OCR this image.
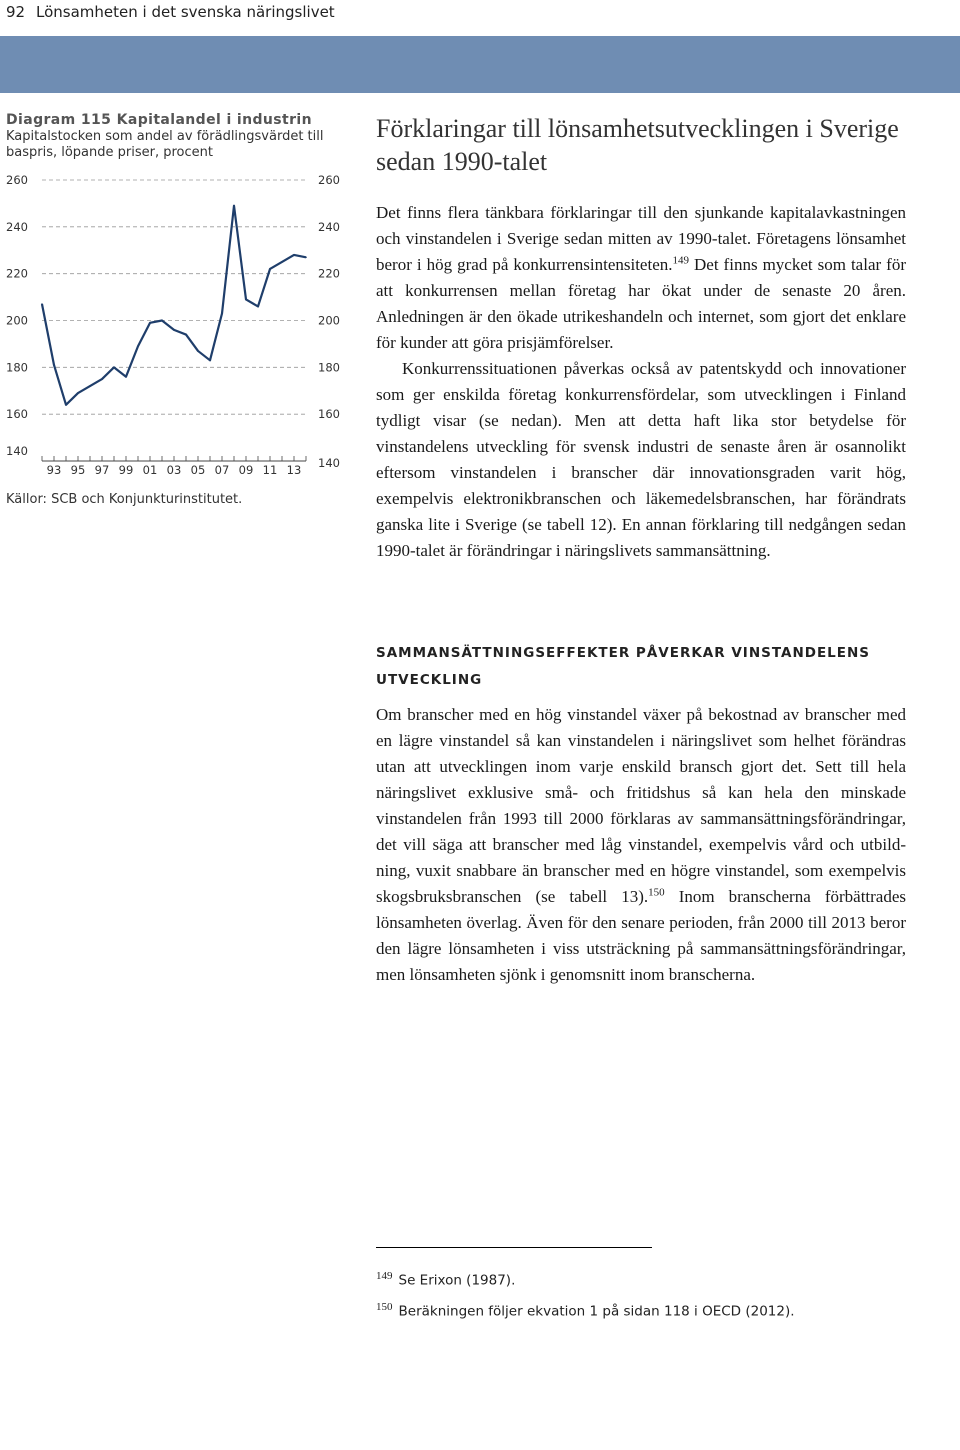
92 Lönsamheten i det svenska näringslivet
Diagram 115 Kapitalandel i industrin
Kapitalstocken som andel av förädlingsvärdet till baspris, löpande priser, procent
140
140
160	160
180	180
200	200
220	220
240	240
260	260
93 95 97 99 01 03 05 07 09 11 13
Källor: SCB och Konjunkturinstitutet.
Förklaringar till lönsamhetsutvecklingen i Sverige sedan 1990-talet

Det finns flera tänkbara förklaringar till den sjunkande kapitalavkastningen och vinstandelen i Sverige sedan mitten av 1990-talet. Företagens lönsamhet beror i hög grad på konkurrensintensiteten.$^{149}$ Det finns mycket som talar för att konkurrensen mellan företag har ökat under de senaste 20 åren. Anledningen är den ökade utrikeshandeln och internet, som gjort det enklare för kunder att göra prisjämförelser.

Konkurrenssituationen påverkas också av patentskydd och innovationer som ger enskilda företag konkurrensfördelar, som utvecklingen i Finland tydligt visar (se nedan). Men att detta haft lika stor betydelse för vinstandelens utveckling för svensk industri de senaste åren är osannolikt eftersom vinstandelen i branscher där innovationsgraden varit hög, exempelvis elektronikbranschen och läkemedelsbranschen, har förändrats ganska lite i Sverige (se tabell 12). En annan förklaring till nedgången sedan 1990-talet är förändringar i näringslivets sammansättning.

SAMMANSÄTTNINGSEFFEKTER PÅVERKAR VINSTANDELENS UTVECKLING

Om branscher med en hög vinstandel växer på bekostnad av branscher med en lägre vinstandel så kan vinstandelen i näringslivet som helhet förändras utan att utvecklingen inom varje enskild bransch gjort det. Sett till hela näringslivet exklusive små- och fritidshus så kan hela den minskade vinstandelen från 1993 till 2000 förklaras av sammansättningsförändringar, det vill säga att branscher med låg vinstandel, exempelvis vård och utbildning, vuxit snabbare än branscher med en högre vinstandel, som exempelvis skogsbruksbranschen (se tabell 13).$^{150}$ Inom branscherna förbättrades lönsamheten överlag. Även för den senare perioden, från 2000 till 2013 beror den lägre lönsamheten i viss utsträckning på sammansättningsförändringar, men lönsamheten sjönk i genomsnitt inom branscherna.

$^{149}$ Se Erixon (1987).
$^{150}$ Beräkningen följer ekvation 1 på sidan 118 i OECD (2012).
